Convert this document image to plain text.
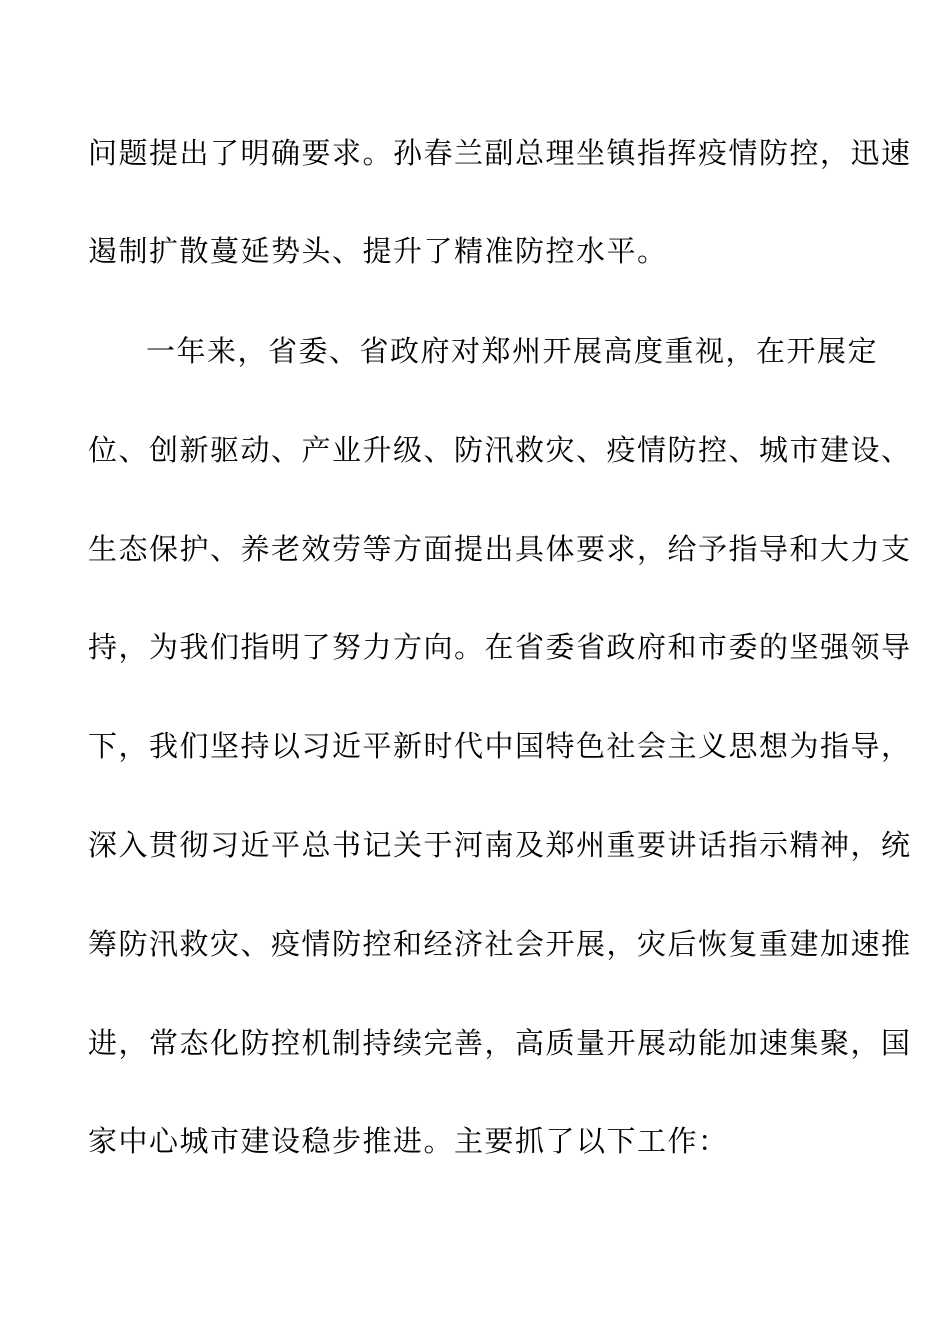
问题提出了明确要求。孙春兰副总理坐镇指挥疫情防控，迅速
遏制扩散蔓延势头、提升了精准防控水平。
一年来，省委、省政府对郑州开展高度重视，在开展定
位、创新驱动、产业升级、防汛救灾、疫情防控、城市建设、
生态保护、养老效劳等方面提出具体要求，给予指导和大力支
持，为我们指明了努力方向。在省委省政府和市委的坚强领导
下，我们坚持以习近平新时代中国特色社会主义思想为指导，
深入贯彻习近平总书记关于河南及郑州重要讲话指示精神，统
筹防汛救灾、疫情防控和经济社会开展，灾后恢复重建加速推
进，常态化防控机制持续完善，高质量开展动能加速集聚，国
家中心城市建设稳步推进。主要抓了以下工作：
